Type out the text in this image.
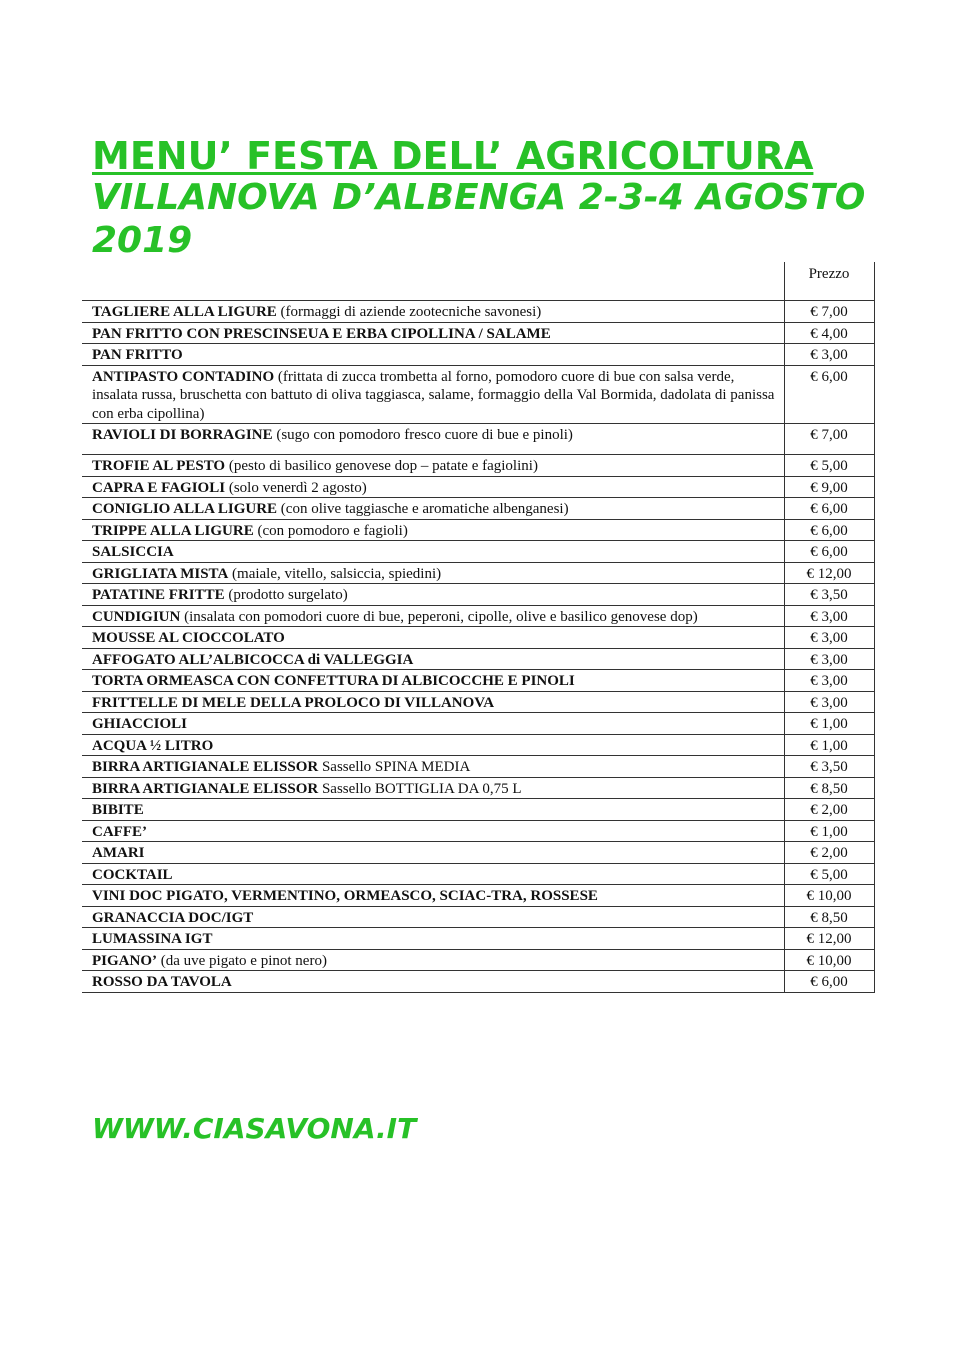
MENU’ FESTA DELL’ AGRICOLTURA
VILLANOVA D’ALBENGA 2-3-4 AGOSTO 2019
	Prezzo
TAGLIERE ALLA LIGURE (formaggi di aziende zootecniche savonesi)	€ 7,00
PAN FRITTO CON PRESCINSEUA E ERBA CIPOLLINA / SALAME	€ 4,00
PAN FRITTO	€ 3,00
ANTIPASTO CONTADINO (frittata di zucca trombetta al forno, pomodoro cuore di bue con salsa verde, insalata russa, bruschetta con battuto di oliva taggiasca, salame, formaggio della Val Bormida, dadolata di panissa con erba cipollina)	€ 6,00
RAVIOLI DI BORRAGINE (sugo con pomodoro fresco cuore di bue e pinoli)	€ 7,00
TROFIE AL PESTO (pesto di basilico genovese dop – patate e fagiolini)	€ 5,00
CAPRA E FAGIOLI (solo venerdì 2 agosto)	€ 9,00
CONIGLIO ALLA LIGURE (con olive taggiasche e aromatiche albenganesi)	€ 6,00
TRIPPE ALLA LIGURE (con pomodoro e fagioli)	€ 6,00
SALSICCIA	€ 6,00
GRIGLIATA MISTA (maiale, vitello, salsiccia, spiedini)	€ 12,00
PATATINE FRITTE (prodotto surgelato)	€ 3,50
CUNDIGIUN (insalata con pomodori cuore di bue, peperoni, cipolle, olive e basilico genovese dop)	€ 3,00
MOUSSE AL CIOCCOLATO	€ 3,00
AFFOGATO ALL’ALBICOCCA di VALLEGGIA	€ 3,00
TORTA ORMEASCA CON CONFETTURA DI ALBICOCCHE E PINOLI	€ 3,00
FRITTELLE DI MELE DELLA PROLOCO DI VILLANOVA	€ 3,00
GHIACCIOLI	€ 1,00
ACQUA ½ LITRO	€ 1,00
BIRRA ARTIGIANALE ELISSOR Sassello SPINA MEDIA	€ 3,50
BIRRA ARTIGIANALE ELISSOR Sassello BOTTIGLIA DA 0,75 L	€ 8,50
BIBITE	€ 2,00
CAFFE’	€ 1,00
AMARI	€ 2,00
COCKTAIL	€ 5,00
VINI DOC PIGATO, VERMENTINO, ORMEASCO, SCIAC-TRA, ROSSESE	€ 10,00
GRANACCIA DOC/IGT	€ 8,50
LUMASSINA IGT	€ 12,00
PIGANO’ (da uve pigato e pinot nero)	€ 10,00
ROSSO DA TAVOLA	€ 6,00
WWW.CIASAVONA.IT
